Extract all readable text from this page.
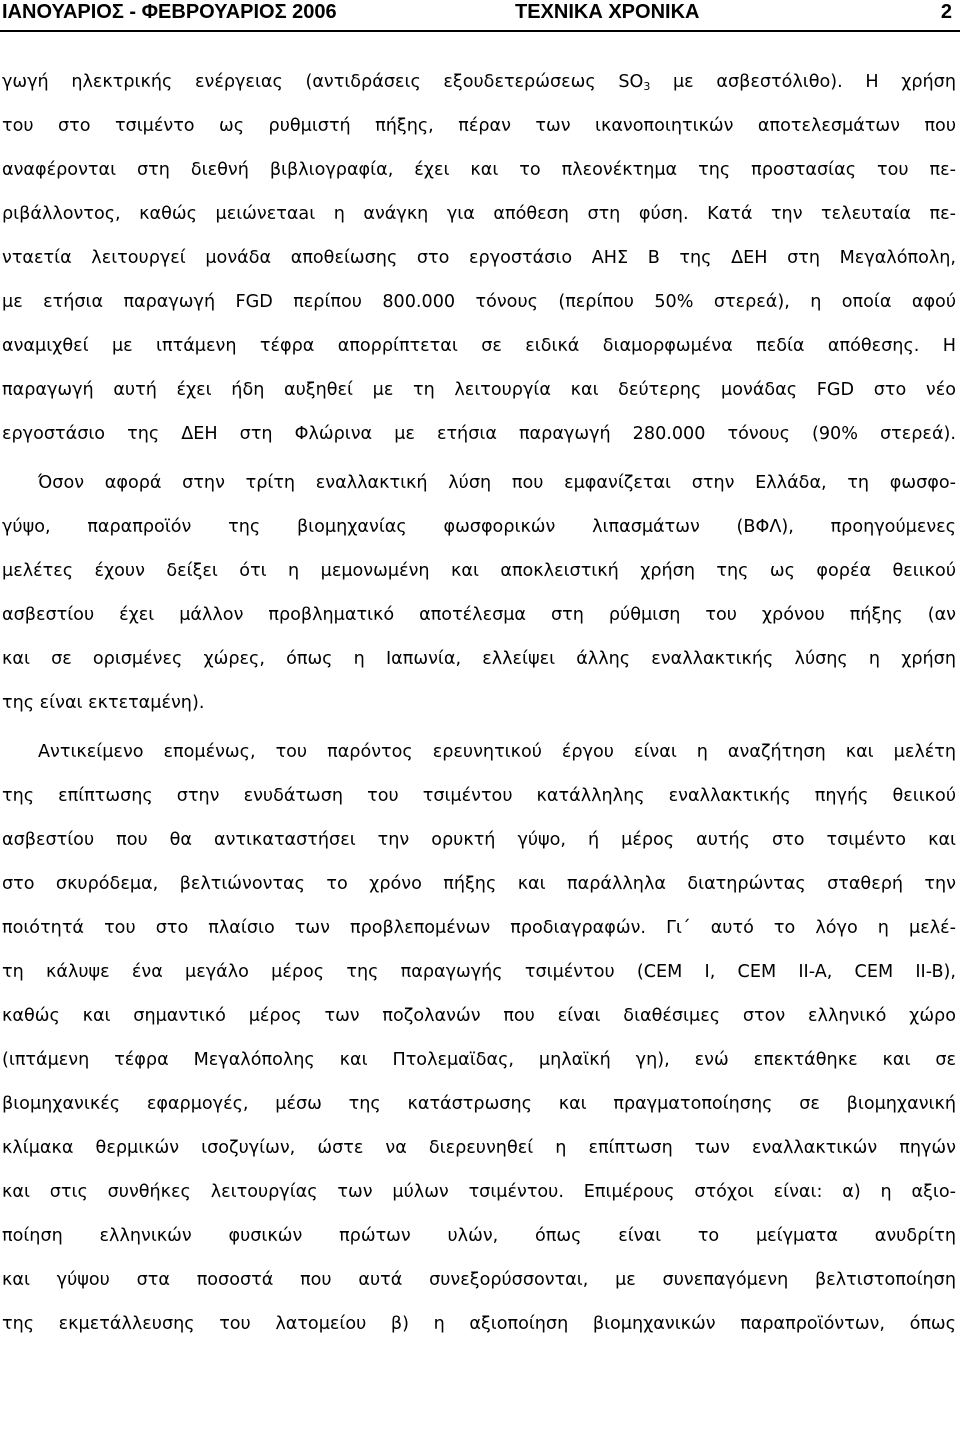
ΙΑΝΟΥΑΡΙΟΣ - ΦΕΒΡΟΥΑΡΙΟΣ 2006	ΤΕΧΝΙΚΑ ΧΡΟΝΙΚΑ	2
γωγή ηλεκτρικής ενέργειας (αντιδράσεις εξουδετερώσεως $SO_3$ με ασβεστόλιθο). Η χρήση
του στο τσιμέντο ως ρυθμιστή πήξης, πέραν των ικανοποιητικών αποτελεσμάτων που
αναφέρονται στη διεθνή βιβλιογραφία, έχει και το πλεονέκτημα της προστασίας του πε-
ριβάλλοντος, καθώς μειώνεταаι η ανάγκη για απόθεση στη φύση. Κατά την τελευταία πε-
νταετία λειτουργεί μονάδα αποθείωσης στο εργοστάσιο ΑΗΣ Β της ΔΕΗ στη Μεγαλόπολη,
με ετήσια παραγωγή FGD περίπου 800.000 τόνους (περίπου 50% στερεά), η οποία αφού
αναμιχθεί με ιπτάμενη τέφρα απορρίπτεται σε ειδικά διαμορφωμένα πεδία απόθεσης. Η
παραγωγή αυτή έχει ήδη αυξηθεί με τη λειτουργία και δεύτερης μονάδας FGD στο νέο
εργοστάσιο της ΔΕΗ στη Φλώρινα με ετήσια παραγωγή 280.000 τόνους (90% στερεά).
Όσον αφορά στην τρίτη εναλλακτική λύση που εμφανίζεται στην Ελλάδα, τη φωσφο-
γύψο, παραπροϊόν της βιομηχανίας φωσφορικών λιπασμάτων (ΒΦΛ), προηγούμενες
μελέτες έχουν δείξει ότι η μεμονωμένη και αποκλειστική χρήση της ως φορέα θειικού
ασβεστίου έχει μάλλον προβληματικό αποτέλεσμα στη ρύθμιση του χρόνου πήξης (αν
και σε ορισμένες χώρες, όπως η Ιαπωνία, ελλείψει άλλης εναλλακτικής λύσης η χρήση
της είναι εκτεταμένη).
Αντικείμενο επομένως, του παρόντος ερευνητικού έργου είναι η αναζήτηση και μελέτη
της επίπτωσης στην ενυδάτωση του τσιμέντου κατάλληλης εναλλακτικής πηγής θειικού
ασβεστίου που θα αντικαταστήσει την ορυκτή γύψο, ή μέρος αυτής στο τσιμέντο και
στο σκυρόδεμα, βελτιώνοντας το χρόνο πήξης και παράλληλα διατηρώντας σταθερή την
ποιότητά του στο πλαίσιο των προβλεπομένων προδιαγραφών. Γι΄ αυτό το λόγο η μελέ-
τη κάλυψε ένα μεγάλο μέρος της παραγωγής τσιμέντου (CEM I, CEM II-A, CEM II-B),
καθώς και σημαντικό μέρος των ποζολανών που είναι διαθέσιμες στον ελληνικό χώρο
(ιπτάμενη τέφρα Μεγαλόπολης και Πτολεμαϊδας, μηλαϊκή γη), ενώ επεκτάθηκε και σε
βιομηχανικές εφαρμογές, μέσω της κατάστρωσης και πραγματοποίησης σε βιομηχανική
κλίμακα θερμικών ισοζυγίων, ώστε να διερευνηθεί η επίπτωση των εναλλακτικών πηγών
και στις συνθήκες λειτουργίας των μύλων τσιμέντου. Επιμέρους στόχοι είναι: α) η αξιο-
ποίηση ελληνικών φυσικών πρώτων υλών, όπως είναι το μείγματα ανυδρίτη
και γύψου στα ποσοστά που αυτά συνεξορύσσονται, με συνεπαγόμενη βελτιστοποίηση
της εκμετάλλευσης του λατομείου β) η αξιοποίηση βιομηχανικών παραπροϊόντων, όπως
